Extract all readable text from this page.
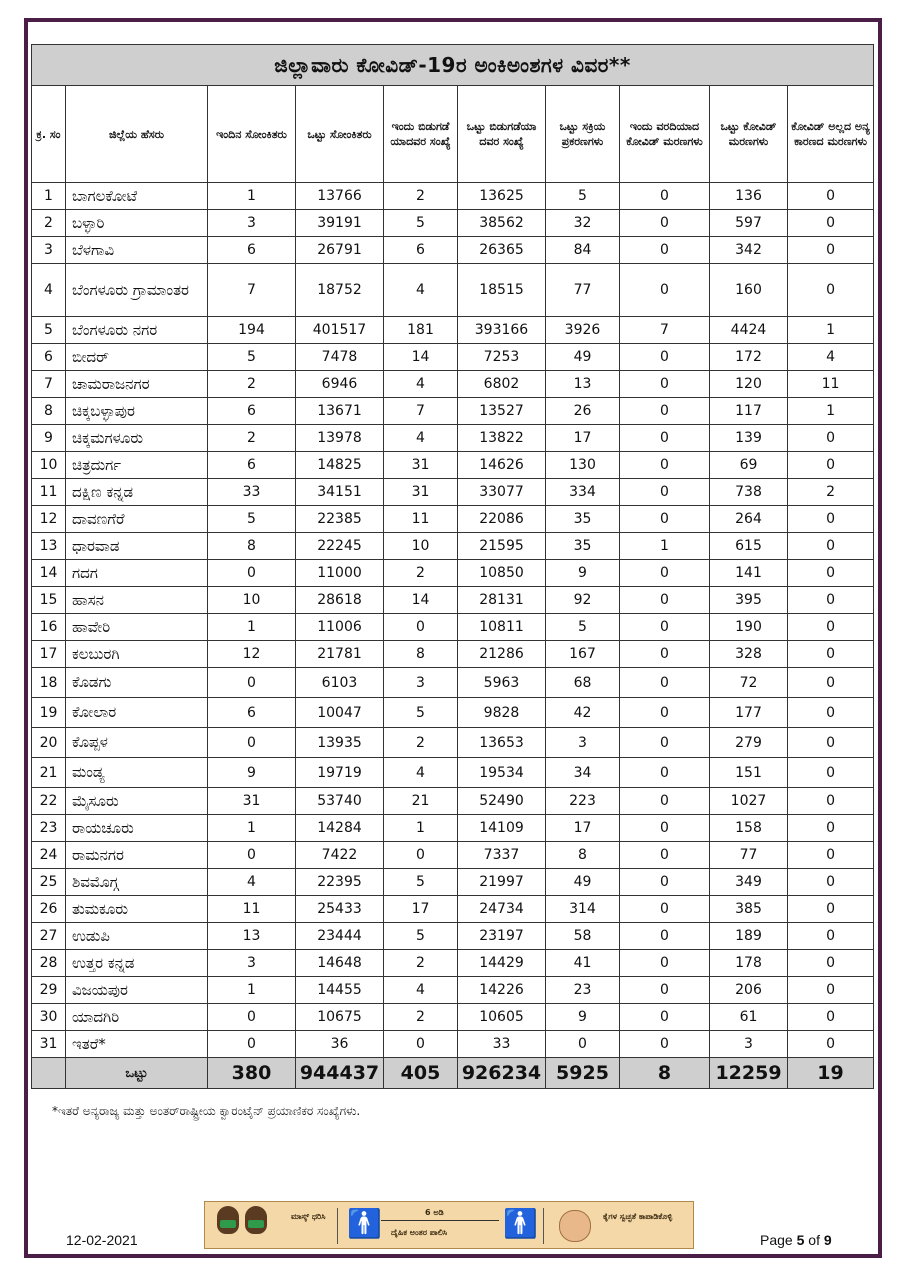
ಜಿಲ್ಲಾವಾರು ಕೋವಿಡ್-19ರ ಅಂಕಿಅಂಶಗಳ ವಿವರ**									
ಕ್ರ. ಸಂ	ಜಿಲ್ಲೆಯ ಹೆಸರು	ಇಂದಿನ ಸೋಂಕಿತರು	ಒಟ್ಟು ಸೋಂಕಿತರು	ಇಂದು ಬಿಡುಗಡೆ ಯಾದವರ ಸಂಖ್ಯೆ	ಒಟ್ಟು ಬಿಡುಗಡೆಯಾ ದವರ ಸಂಖ್ಯೆ	ಒಟ್ಟು ಸಕ್ರಿಯ ಪ್ರಕರಣಗಳು	ಇಂದು ವರದಿಯಾದ ಕೋವಿಡ್ ಮರಣಗಳು	ಒಟ್ಟು ಕೋವಿಡ್ ಮರಣಗಳು	ಕೋವಿಡ್ ಅಲ್ಲದ ಅನ್ಯ ಕಾರಣದ ಮರಣಗಳು
1	ಬಾಗಲಕೋಟೆ	1	13766	2	13625	5	0	136	0
2	ಬಳ್ಳಾರಿ	3	39191	5	38562	32	0	597	0
3	ಬೆಳಗಾವಿ	6	26791	6	26365	84	0	342	0
4	ಬೆಂಗಳೂರು ಗ್ರಾಮಾಂತರ	7	18752	4	18515	77	0	160	0
5	ಬೆಂಗಳೂರು ನಗರ	194	401517	181	393166	3926	7	4424	1
6	ಬೀದರ್	5	7478	14	7253	49	0	172	4
7	ಚಾಮರಾಜನಗರ	2	6946	4	6802	13	0	120	11
8	ಚಿಕ್ಕಬಳ್ಳಾಪುರ	6	13671	7	13527	26	0	117	1
9	ಚಿಕ್ಕಮಗಳೂರು	2	13978	4	13822	17	0	139	0
10	ಚಿತ್ರದುರ್ಗ	6	14825	31	14626	130	0	69	0
11	ದಕ್ಷಿಣ ಕನ್ನಡ	33	34151	31	33077	334	0	738	2
12	ದಾವಣಗೆರೆ	5	22385	11	22086	35	0	264	0
13	ಧಾರವಾಡ	8	22245	10	21595	35	1	615	0
14	ಗದಗ	0	11000	2	10850	9	0	141	0
15	ಹಾಸನ	10	28618	14	28131	92	0	395	0
16	ಹಾವೇರಿ	1	11006	0	10811	5	0	190	0
17	ಕಲಬುರಗಿ	12	21781	8	21286	167	0	328	0
18	ಕೊಡಗು	0	6103	3	5963	68	0	72	0
19	ಕೋಲಾರ	6	10047	5	9828	42	0	177	0
20	ಕೊಪ್ಪಳ	0	13935	2	13653	3	0	279	0
21	ಮಂಡ್ಯ	9	19719	4	19534	34	0	151	0
22	ಮೈಸೂರು	31	53740	21	52490	223	0	1027	0
23	ರಾಯಚೂರು	1	14284	1	14109	17	0	158	0
24	ರಾಮನಗರ	0	7422	0	7337	8	0	77	0
25	ಶಿವಮೊಗ್ಗ	4	22395	5	21997	49	0	349	0
26	ತುಮಕೂರು	11	25433	17	24734	314	0	385	0
27	ಉಡುಪಿ	13	23444	5	23197	58	0	189	0
28	ಉತ್ತರ ಕನ್ನಡ	3	14648	2	14429	41	0	178	0
29	ವಿಜಯಪುರ	1	14455	4	14226	23	0	206	0
30	ಯಾದಗಿರಿ	0	10675	2	10605	9	0	61	0
31	ಇತರೆ*	0	36	0	33	0	0	3	0
	ಒಟ್ಟು	380	944437	405	926234	5925	8	12259	19
*ಇತರೆ ಅನ್ಯರಾಜ್ಯ ಮತ್ತು ಅಂತರ್‌ರಾಷ್ಟ್ರೀಯ ಕ್ವಾರಂಟೈನ್ ಪ್ರಯಾಣಿಕರ ಸಂಖ್ಯೆಗಳು.
ಮಾಸ್ಕ್ ಧರಿಸಿ 🚹	6 ಅಡಿ
ದೈಹಿಕ ಅಂತರ ಪಾಲಿಸಿ 🚹	ಕೈಗಳ ಸ್ವಚ್ಛತೆ ಕಾಪಾಡಿಕೊಳ್ಳಿ
12-02-2021	Page 5 of 9
